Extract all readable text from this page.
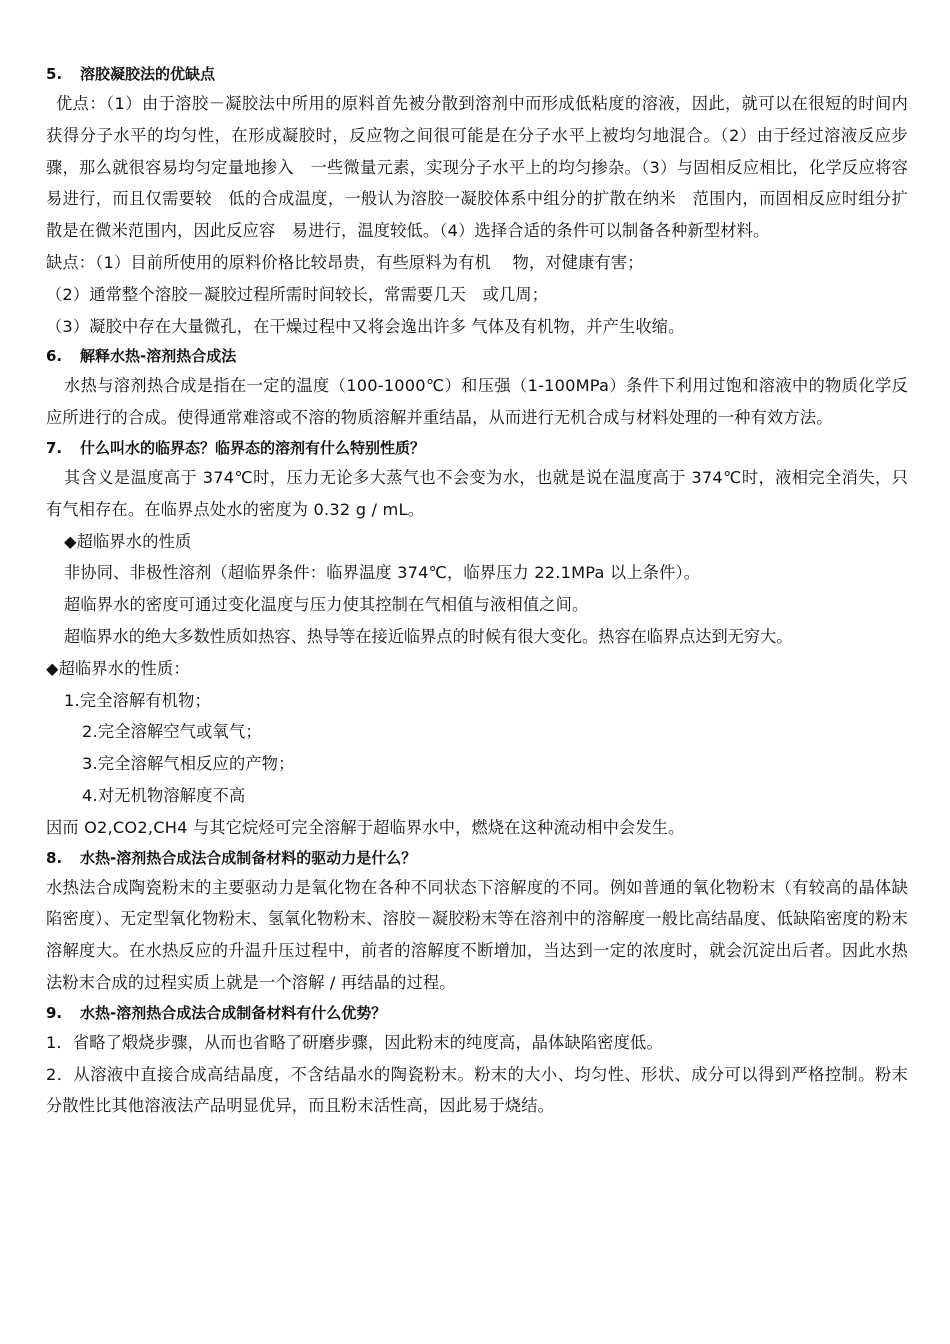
5. 溶胶凝胶法的优缺点

优点：（1）由于溶胶－凝胶法中所用的原料首先被分散到溶剂中而形成低粘度的溶液，因此，就可以在很短的时间内获得分子水平的均匀性，在形成凝胶时，反应物之间很可能是在分子水平上被均匀地混合。（2）由于经过溶液反应步骤，那么就很容易均匀定量地掺入　一些微量元素，实现分子水平上的均匀掺杂。（3）与固相反应相比，化学反应将容易进行，而且仅需要较　低的合成温度，一般认为溶胶一凝胶体系中组分的扩散在纳米　范围内，而固相反应时组分扩散是在微米范围内，因此反应容　易进行，温度较低。（4）选择合适的条件可以制备各种新型材料。

缺点：（1）目前所使用的原料价格比较昂贵，有些原料为有机　 物，对健康有害；

（2）通常整个溶胶－凝胶过程所需时间较长，常需要几天　或几周；

（3）凝胶中存在大量微孔，在干燥过程中又将会逸出许多 气体及有机物，并产生收缩。

6. 解释水热-溶剂热合成法

水热与溶剂热合成是指在一定的温度（100-1000℃）和压强（1-100MPa）条件下利用过饱和溶液中的物质化学反应所进行的合成。使得通常难溶或不溶的物质溶解并重结晶，从而进行无机合成与材料处理的一种有效方法。

7. 什么叫水的临界态？临界态的溶剂有什么特别性质？

其含义是温度高于 374℃时，压力无论多大蒸气也不会变为水，也就是说在温度高于 374℃时，液相完全消失，只有气相存在。在临界点处水的密度为 0.32 g / mL。

◆超临界水的性质

非协同、非极性溶剂（超临界条件：临界温度 374℃，临界压力 22.1MPa 以上条件）。

超临界水的密度可通过变化温度与压力使其控制在气相值与液相值之间。

超临界水的绝大多数性质如热容、热导等在接近临界点的时候有很大变化。热容在临界点达到无穷大。

◆超临界水的性质：

1.完全溶解有机物；

2.完全溶解空气或氧气；

3.完全溶解气相反应的产物；

4.对无机物溶解度不高

因而 O2,CO2,CH4 与其它烷烃可完全溶解于超临界水中，燃烧在这种流动相中会发生。

8. 水热-溶剂热合成法合成制备材料的驱动力是什么？

水热法合成陶瓷粉末的主要驱动力是氧化物在各种不同状态下溶解度的不同。例如普通的氧化物粉末（有较高的晶体缺陷密度）、无定型氧化物粉末、氢氧化物粉末、溶胶－凝胶粉末等在溶剂中的溶解度一般比高结晶度、低缺陷密度的粉末溶解度大。在水热反应的升温升压过程中，前者的溶解度不断增加，当达到一定的浓度时，就会沉淀出后者。因此水热法粉末合成的过程实质上就是一个溶解 / 再结晶的过程。

9. 水热-溶剂热合成法合成制备材料有什么优势？

1．省略了煅烧步骤，从而也省略了研磨步骤，因此粉末的纯度高，晶体缺陷密度低。

2．从溶液中直接合成高结晶度，不含结晶水的陶瓷粉末。粉末的大小、均匀性、形状、成分可以得到严格控制。粉末分散性比其他溶液法产品明显优异，而且粉末活性高，因此易于烧结。
